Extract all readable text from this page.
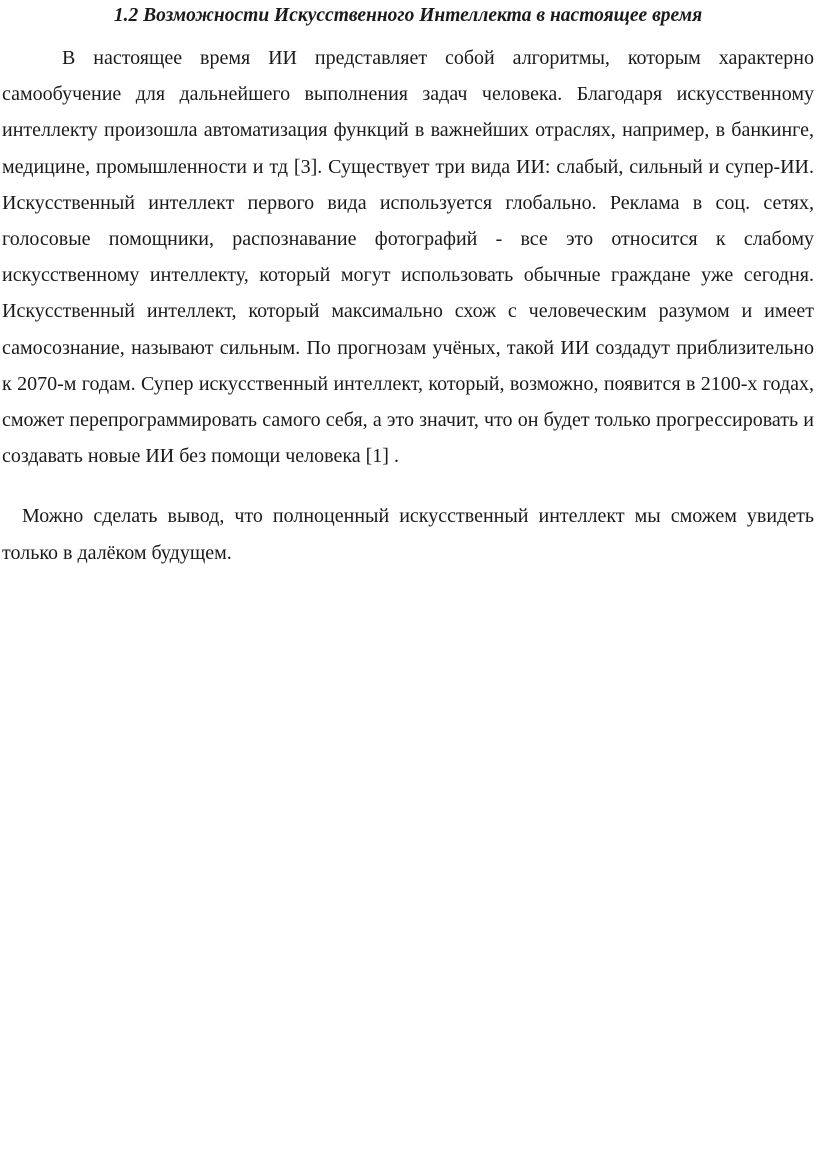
1.2 Возможности Искусственного Интеллекта в настоящее время

В настоящее время ИИ представляет собой алгоритмы, которым характерно самообучение для дальнейшего выполнения задач человека. Благодаря искусственному интеллекту произошла автоматизация функций в важнейших отраслях, например, в банкинге, медицине, промышленности и тд [3]. Существует три вида ИИ: слабый, сильный и супер-ИИ. Искусственный интеллект первого вида используется глобально. Реклама в соц. сетях, голосовые помощники, распознавание фотографий - все это относится к слабому искусственному интеллекту, который могут использовать обычные граждане уже сегодня. Искусственный интеллект, который максимально схож с человеческим разумом и имеет самосознание, называют сильным. По прогнозам учёных, такой ИИ создадут приблизительно к 2070-м годам. Супер искусственный интеллект, который, возможно, появится в 2100-х годах, сможет перепрограммировать самого себя, а это значит, что он будет только прогрессировать и создавать новые ИИ без помощи человека [1] .

Можно сделать вывод, что полноценный искусственный интеллект мы сможем увидеть только в далёком будущем.
